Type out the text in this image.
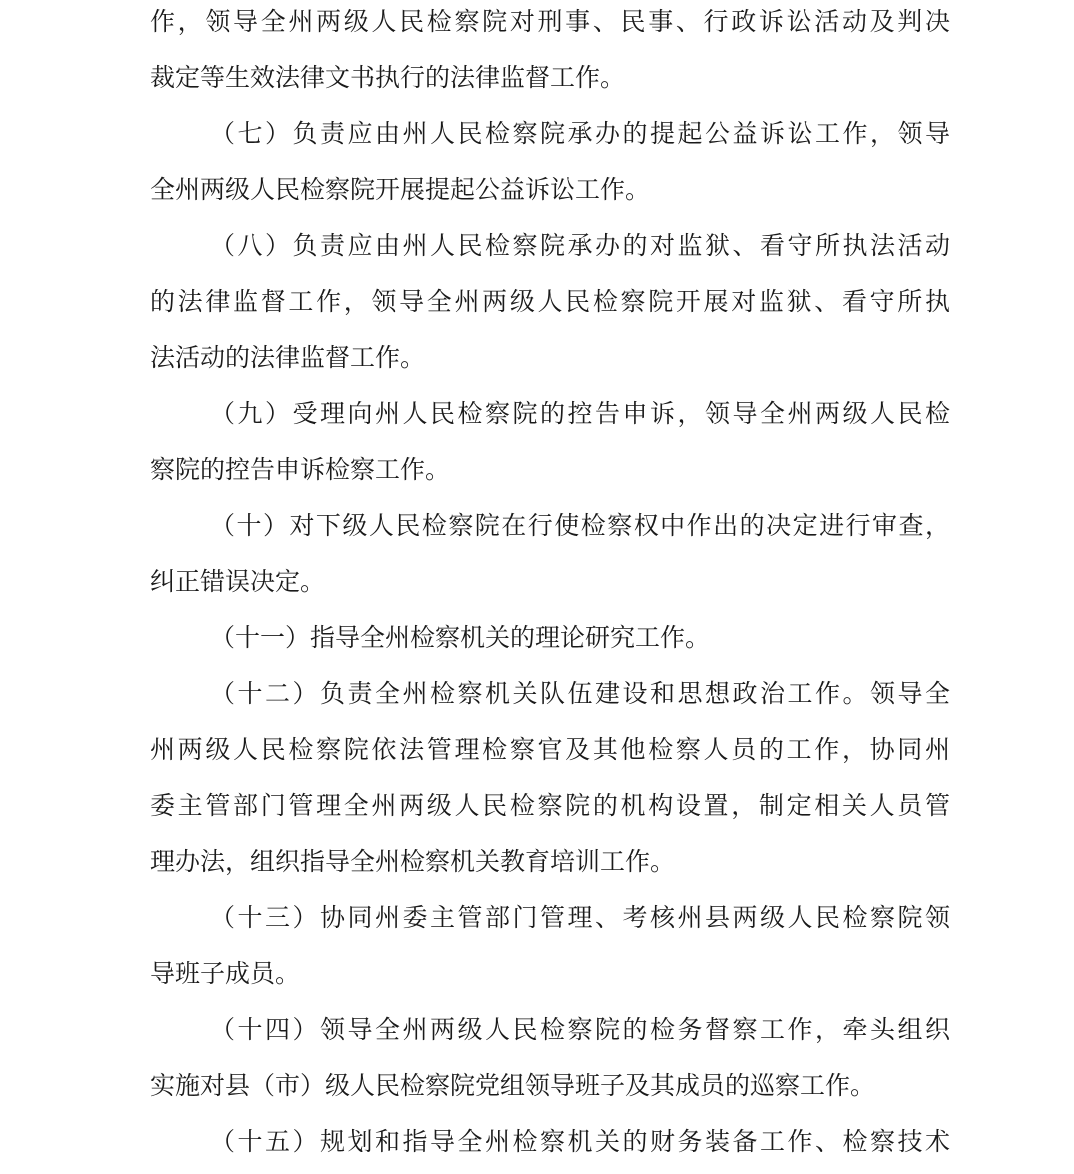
作，领导全州两级人民检察院对刑事、民事、行政诉讼活动及判决
裁定等生效法律文书执行的法律监督工作。
（七）负责应由州人民检察院承办的提起公益诉讼工作，领导
全州两级人民检察院开展提起公益诉讼工作。
（八）负责应由州人民检察院承办的对监狱、看守所执法活动
的法律监督工作，领导全州两级人民检察院开展对监狱、看守所执
法活动的法律监督工作。
（九）受理向州人民检察院的控告申诉，领导全州两级人民检
察院的控告申诉检察工作。
（十）对下级人民检察院在行使检察权中作出的决定进行审查，
纠正错误决定。
（十一）指导全州检察机关的理论研究工作。
（十二）负责全州检察机关队伍建设和思想政治工作。领导全
州两级人民检察院依法管理检察官及其他检察人员的工作，协同州
委主管部门管理全州两级人民检察院的机构设置，制定相关人员管
理办法，组织指导全州检察机关教育培训工作。
（十三）协同州委主管部门管理、考核州县两级人民检察院领
导班子成员。
（十四）领导全州两级人民检察院的检务督察工作，牵头组织
实施对县（市）级人民检察院党组领导班子及其成员的巡察工作。
（十五）规划和指导全州检察机关的财务装备工作、检察技术
